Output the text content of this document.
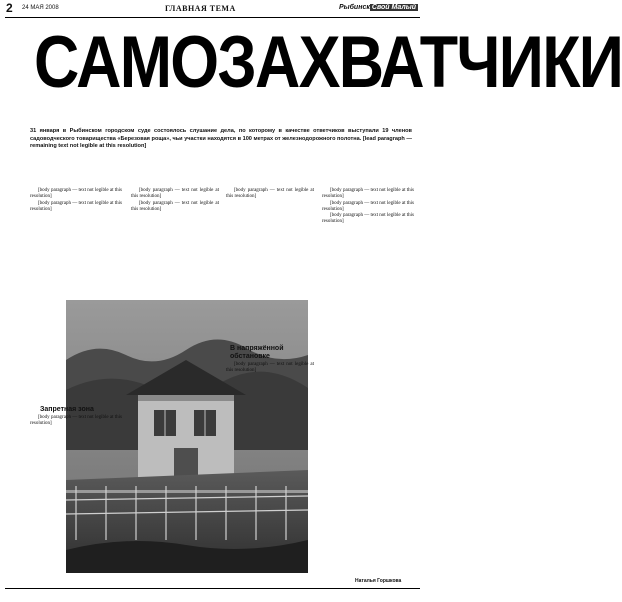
2 24 МАЯ 2008	ГЛАВНАЯ ТЕМА	Рыбинск Свой Малый
САМОЗАХВАТЧИКИ
31 января в Рыбинском городском суде состоялось слушание дела, по которому в качестве ответчиков выступали 19 членов садоводческого товарищества «Березовая роща», чьи участки находятся в 100 метрах от железнодорожного полотна. [lead paragraph — remaining text not legible at this resolution]

[body paragraph — text not legible at this resolution]

[body paragraph — text not legible at this resolution]

[body paragraph — text not legible at this resolution]

[body paragraph — text not legible at this resolution]

[body paragraph — text not legible at this resolution]

[body paragraph — text not legible at this resolution]

[body paragraph — text not legible at this resolution]

[body paragraph — text not legible at this resolution]

Запретная зона

[body paragraph — text not legible at this resolution]

В напряжённой обстановке

[body paragraph — text not legible at this resolution]

Наталья Горшкова
